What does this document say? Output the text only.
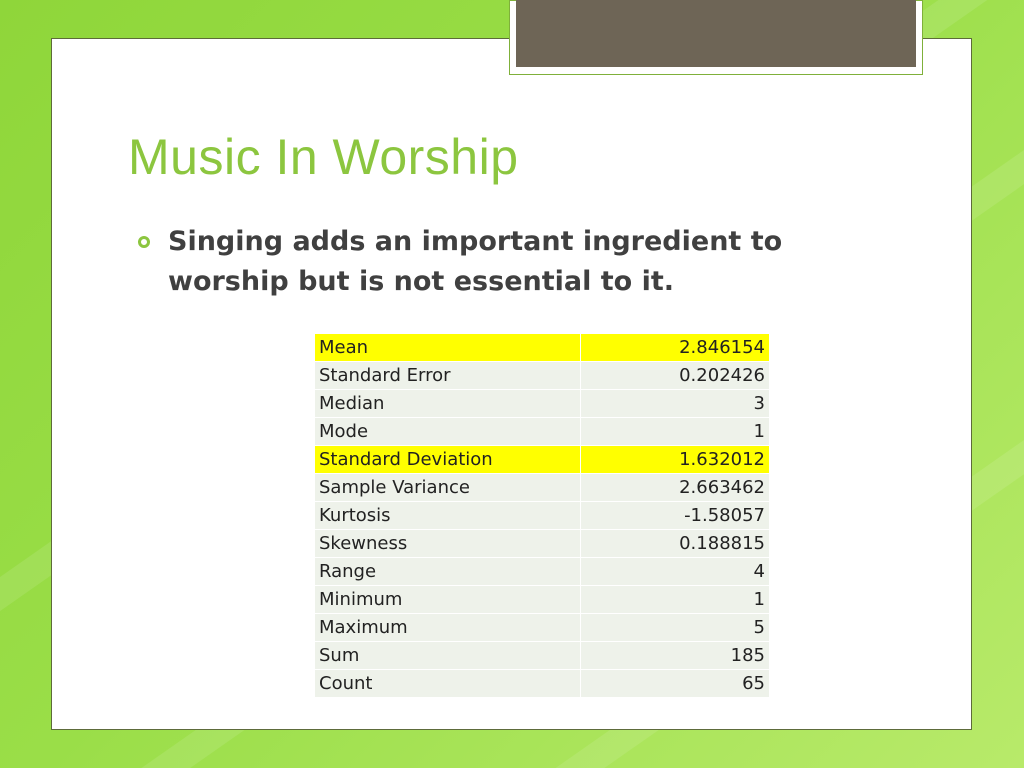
Music In Worship

Singing adds an important ingredient to worship but is not essential to it.

Mean	2.846154
Standard Error	0.202426
Median	3
Mode	1
Standard Deviation	1.632012
Sample Variance	2.663462
Kurtosis	-1.58057
Skewness	0.188815
Range	4
Minimum	1
Maximum	5
Sum	185
Count	65
